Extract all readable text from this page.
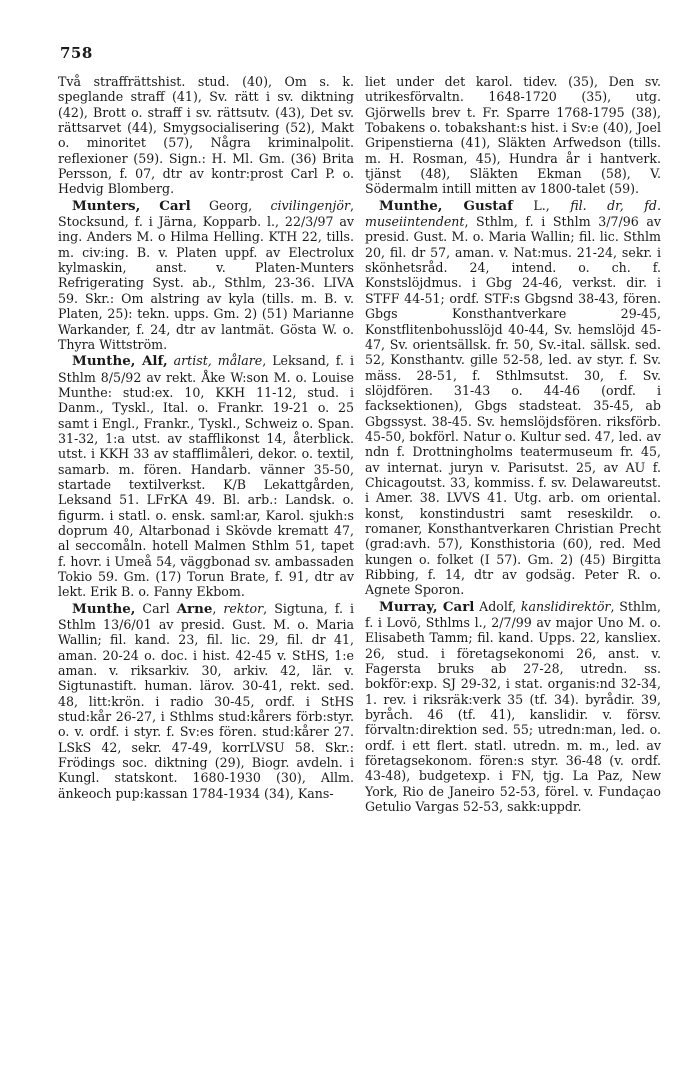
758

Två straffrättshist. stud. (40), Om s. k. speglande straff (41), Sv. rätt i sv. diktning (42), Brott o. straff i sv. rättsutv. (43), Det sv. rättsarvet (44), Smygsocialisering (52), Makt o. minoritet (57), Några kriminalpolit. reflexioner (59). Sign.: H. Ml. Gm. (36) Brita Persson, f. 07, dtr av kontr:prost Carl P. o. Hedvig Blomberg.

Munters, Carl Georg, civilingenjör, Stocksund, f. i Järna, Kopparb. l., 22/3/97 av ing. Anders M. o Hilma Helling. KTH 22, tills. m. civ:ing. B. v. Platen uppf. av Electrolux kylmaskin, anst. v. Platen-Munters Refrigerating Syst. ab., Sthlm, 23-36. LIVA 59. Skr.: Om alstring av kyla (tills. m. B. v. Platen, 25): tekn. upps. Gm. 2) (51) Marianne Warkander, f. 24, dtr av lantmät. Gösta W. o. Thyra Wittström.

Munthe, Alf, artist, målare, Leksand, f. i Sthlm 8/5/92 av rekt. Åke W:son M. o. Louise Munthe: stud:ex. 10, KKH 11-12, stud. i Danm., Tyskl., Ital. o. Frankr. 19-21 o. 25 samt i Engl., Frankr., Tyskl., Schweiz o. Span. 31-32, 1:a utst. av stafflikonst 14, återblick. utst. i KKH 33 av stafflimåleri, dekor. o. textil, samarb. m. fören. Handarb. vänner 35-50, startade textilverkst. K/B Lekattgården, Leksand 51. LFrKA 49. Bl. arb.: Landsk. o. figurm. i statl. o. ensk. saml:ar, Karol. sjukh:s doprum 40, Altarbonad i Skövde krematt 47, al seccomåln. hotell Malmen Sthlm 51, tapet f. hovr. i Umeå 54, väggbonad sv. ambassaden Tokio 59. Gm. (17) Torun Brate, f. 91, dtr av lekt. Erik B. o. Fanny Ekbom.

Munthe, Carl Arne, rektor, Sigtuna, f. i Sthlm 13/6/01 av presid. Gust. M. o. Maria Wallin; fil. kand. 23, fil. lic. 29, fil. dr 41, aman. 20-24 o. doc. i hist. 42-45 v. StHS, 1:e aman. v. riksarkiv. 30, arkiv. 42, lär. v. Sigtunastift. human. lärov. 30-41, rekt. sed. 48, litt:krön. i radio 30-45, ordf. i StHS stud:kår 26-27, i Sthlms stud:kårers förb:styr. o. v. ordf. i styr. f. Sv:es fören. stud:kårer 27. LSkS 42, sekr. 47-49, korrLVSU 58. Skr.: Frödings soc. diktning (29), Biogr. avdeln. i Kungl. statskont. 1680-1930 (30), Allm. änkeoch pup:kassan 1784-1934 (34), Kans-

liet under det karol. tidev. (35), Den sv. utrikesförvaltn. 1648-1720 (35), utg. Gjörwells brev t. Fr. Sparre 1768-1795 (38), Tobakens o. tobakshant:s hist. i Sv:e (40), Joel Gripenstierna (41), Släkten Arfwedson (tills. m. H. Rosman, 45), Hundra år i hantverk. tjänst (48), Släkten Ekman (58), V. Södermalm intill mitten av 1800-talet (59).

Munthe, Gustaf L., fil. dr, fd. museiintendent, Sthlm, f. i Sthlm 3/7/96 av presid. Gust. M. o. Maria Wallin; fil. lic. Sthlm 20, fil. dr 57, aman. v. Nat:mus. 21-24, sekr. i skönhetsråd. 24, intend. o. ch. f. Konstslöjdmus. i Gbg 24-46, verkst. dir. i STFF 44-51; ordf. STF:s Gbgsnd 38-43, fören. Gbgs Konsthantverkare 29-45, Konstflitenbohusslöjd 40-44, Sv. hemslöjd 45-47, Sv. orientsällsk. fr. 50, Sv.-ital. sällsk. sed. 52, Konsthantv. gille 52-58, led. av styr. f. Sv. mäss. 28-51, f. Sthlmsutst. 30, f. Sv. slöjdfören. 31-43 o. 44-46 (ordf. i facksektionen), Gbgs stadsteat. 35-45, ab Gbgssyst. 38-45. Sv. hemslöjdsfören. riksförb. 45-50, bokförl. Natur o. Kultur sed. 47, led. av ndn f. Drottningholms teatermuseum fr. 45, av internat. juryn v. Parisutst. 25, av AU f. Chicagoutst. 33, kommiss. f. sv. Delawareutst. i Amer. 38. LVVS 41. Utg. arb. om oriental. konst, konstindustri samt reseskildr. o. romaner, Konsthantverkaren Christian Precht (grad:avh. 57), Konsthistoria (60), red. Med kungen o. folket (I 57). Gm. 2) (45) Birgitta Ribbing, f. 14, dtr av godsäg. Peter R. o. Agnete Sporon.

Murray, Carl Adolf, kanslidirektör, Sthlm, f. i Lovö, Sthlms l., 2/7/99 av major Uno M. o. Elisabeth Tamm; fil. kand. Upps. 22, kansliex. 26, stud. i företagsekonomi 26, anst. v. Fagersta bruks ab 27-28, utredn. ss. bokför:exp. SJ 29-32, i stat. organis:nd 32-34, 1. rev. i riksräk:verk 35 (tf. 34). byrådir. 39, byråch. 46 (tf. 41), kanslidir. v. försv. förvaltn:direktion sed. 55; utredn:man, led. o. ordf. i ett flert. statl. utredn. m. m., led. av företagsekonom. fören:s styr. 36-48 (v. ordf. 43-48), budgetexp. i FN, tjg. La Paz, New York, Rio de Janeiro 52-53, förel. v. Fundaçao Getulio Vargas 52-53, sakk:uppdr.
